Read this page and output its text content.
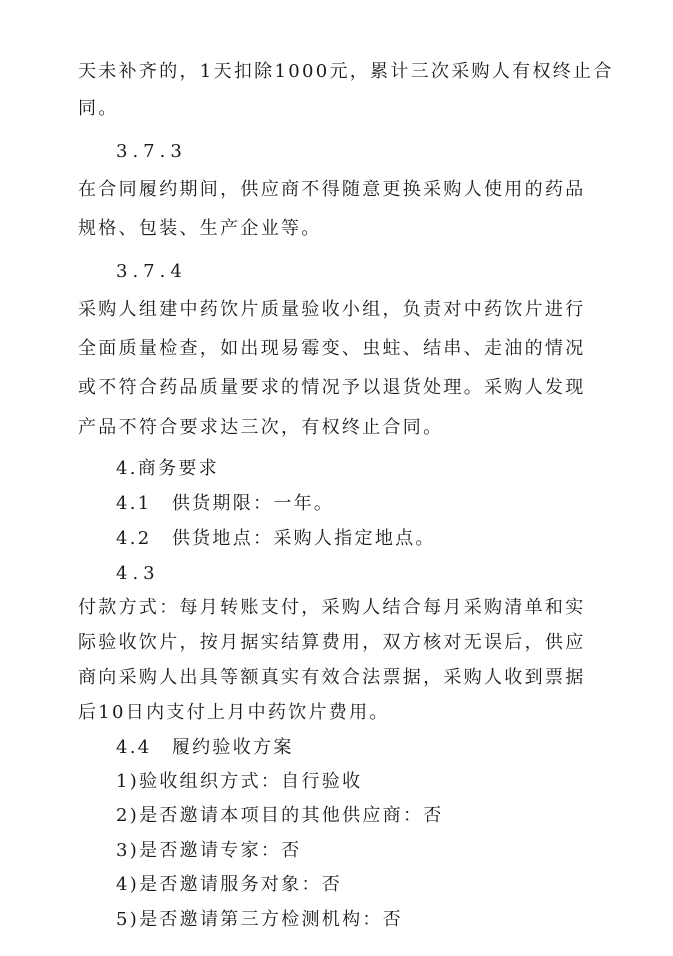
天未补齐的，1天扣除1000元，累计三次采购人有权终止合
同。
3.7.3
在合同履约期间，供应商不得随意更换采购人使用的药品
规格、包装、生产企业等。
3.7.4
采购人组建中药饮片质量验收小组，负责对中药饮片进行
全面质量检查，如出现易霉变、虫蛀、结串、走油的情况
或不符合药品质量要求的情况予以退货处理。采购人发现
产品不符合要求达三次，有权终止合同。
4.商务要求
4.1　供货期限：一年。
4.2　供货地点：采购人指定地点。
4.3
付款方式：每月转账支付，采购人结合每月采购清单和实
际验收饮片，按月据实结算费用，双方核对无误后，供应
商向采购人出具等额真实有效合法票据，采购人收到票据
后10日内支付上月中药饮片费用。
4.4　履约验收方案
1)验收组织方式：自行验收
2)是否邀请本项目的其他供应商：否
3)是否邀请专家：否
4)是否邀请服务对象：否
5)是否邀请第三方检测机构：否
